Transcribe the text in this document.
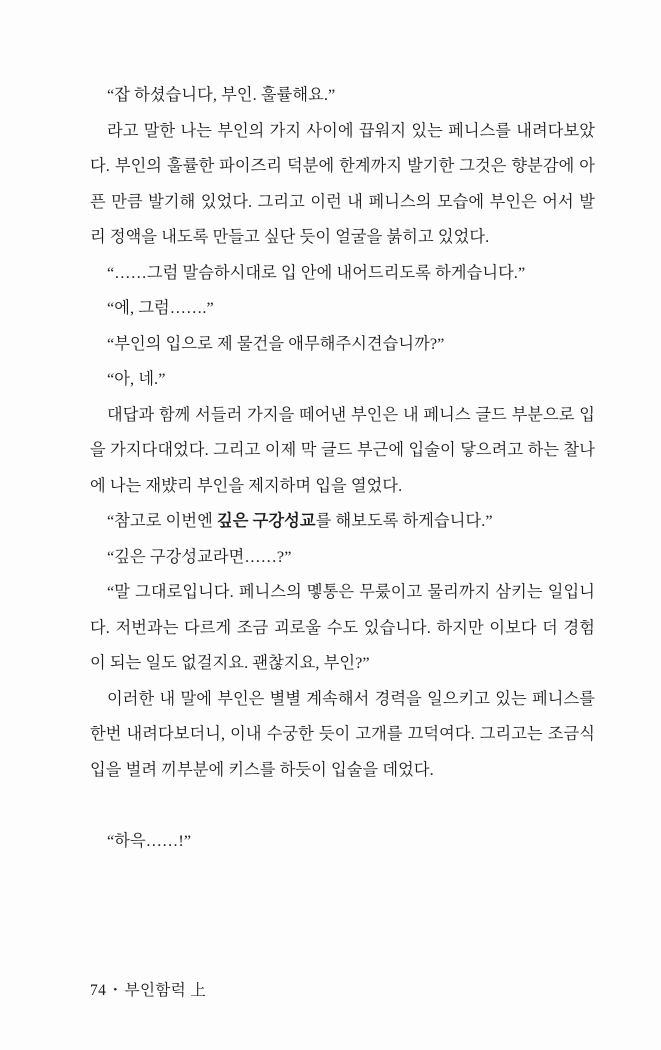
“잡 하셨습니다, 부인. 훌률해요.”

라고 말한 나는 부인의 가지 사이에 끕워지 있는 페니스를 내려다보았다. 부인의 훌률한 파이즈리 덕분에 한계까지 발기한 그것은 향분감에 아픈 만큼 발기해 있었다. 그리고 이런 내 페니스의 모습에 부인은 어서 발리 정액을 내도록 만들고 싶단 듯이 얼굴을 붉히고 있었다.

“……그럼 말슴하시대로 입 안에 내어드리도록 하게습니다.”

“에, 그럼…….”

“부인의 입으로 제 물건을 애무해주시견습니까?”

“아, 네.”

대답과 함께 서들러 가지을 떼어낸 부인은 내 페니스 글드 부분으로 입을 가지다대었다. 그리고 이제 막 글드 부근에 입술이 닿으려고 하는 찰나에 나는 재뱠리 부인을 제지하며 입을 열었다.

“참고로 이번엔 깊은 구강성교를 해보도록 하게습니다.”

“깊은 구강성교라면……?”

“말 그대로입니다. 페니스의 몧통은 무룼이고 물리까지 삼키는 일입니다. 저번과는 다르게 조금 괴로울 수도 있습니다. 하지만 이보다 더 경험이 되는 일도 없걸지요. 괜찮지요, 부인?”

이러한 내 말에 부인은 별별 계속해서 경력을 일으키고 있는 페니스를 한번 내려다보더니, 이내 수궁한 듯이 고개를 끄덕여다. 그리고는 조금식 입을 벌려 끼부분에 키스를 하듯이 입술을 데었다.

“하윽……!”

74 • 부인함럭 上
